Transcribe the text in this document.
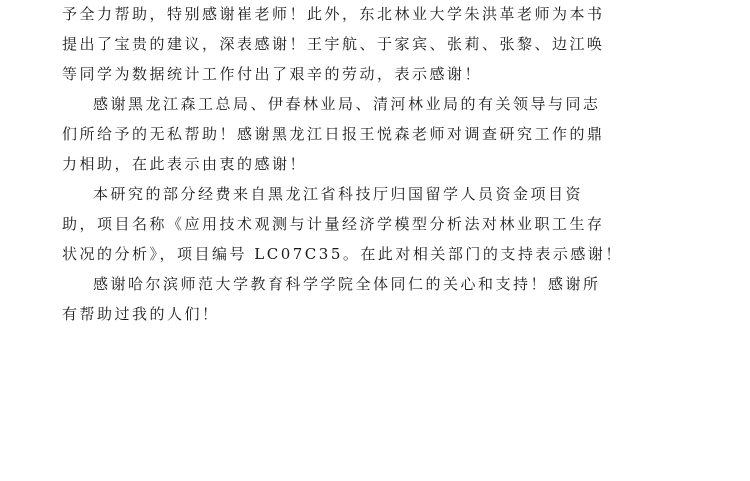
予全力帮助，特别感谢崔老师！此外，东北林业大学朱洪革老师为本书
提出了宝贵的建议，深表感谢！王宇航、于家宾、张莉、张黎、边江唤
等同学为数据统计工作付出了艰辛的劳动，表示感谢！
感谢黑龙江森工总局、伊春林业局、清河林业局的有关领导与同志
们所给予的无私帮助！感谢黑龙江日报王悦森老师对调查研究工作的鼎
力相助，在此表示由衷的感谢！
本研究的部分经费来自黑龙江省科技厅归国留学人员资金项目资
助，项目名称《应用技术观测与计量经济学模型分析法对林业职工生存
状况的分析》，项目编号 LC07C35。在此对相关部门的支持表示感谢！
感谢哈尔滨师范大学教育科学学院全体同仁的关心和支持！感谢所
有帮助过我的人们！
